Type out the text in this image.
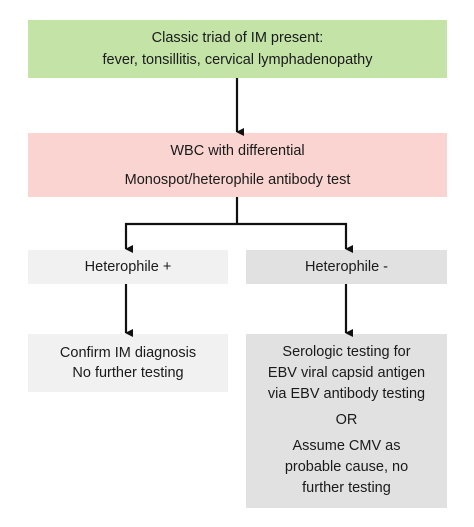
Classic triad of IM present:
fever, tonsillitis, cervical lymphadenopathy
WBC with differential
Monospot/heterophile antibody test
Heterophile +	Heterophile -
Confirm IM diagnosis
No further testing
Serologic testing for
EBV viral capsid antigen
via EBV antibody testing
OR
Assume CMV as
probable cause, no
further testing
